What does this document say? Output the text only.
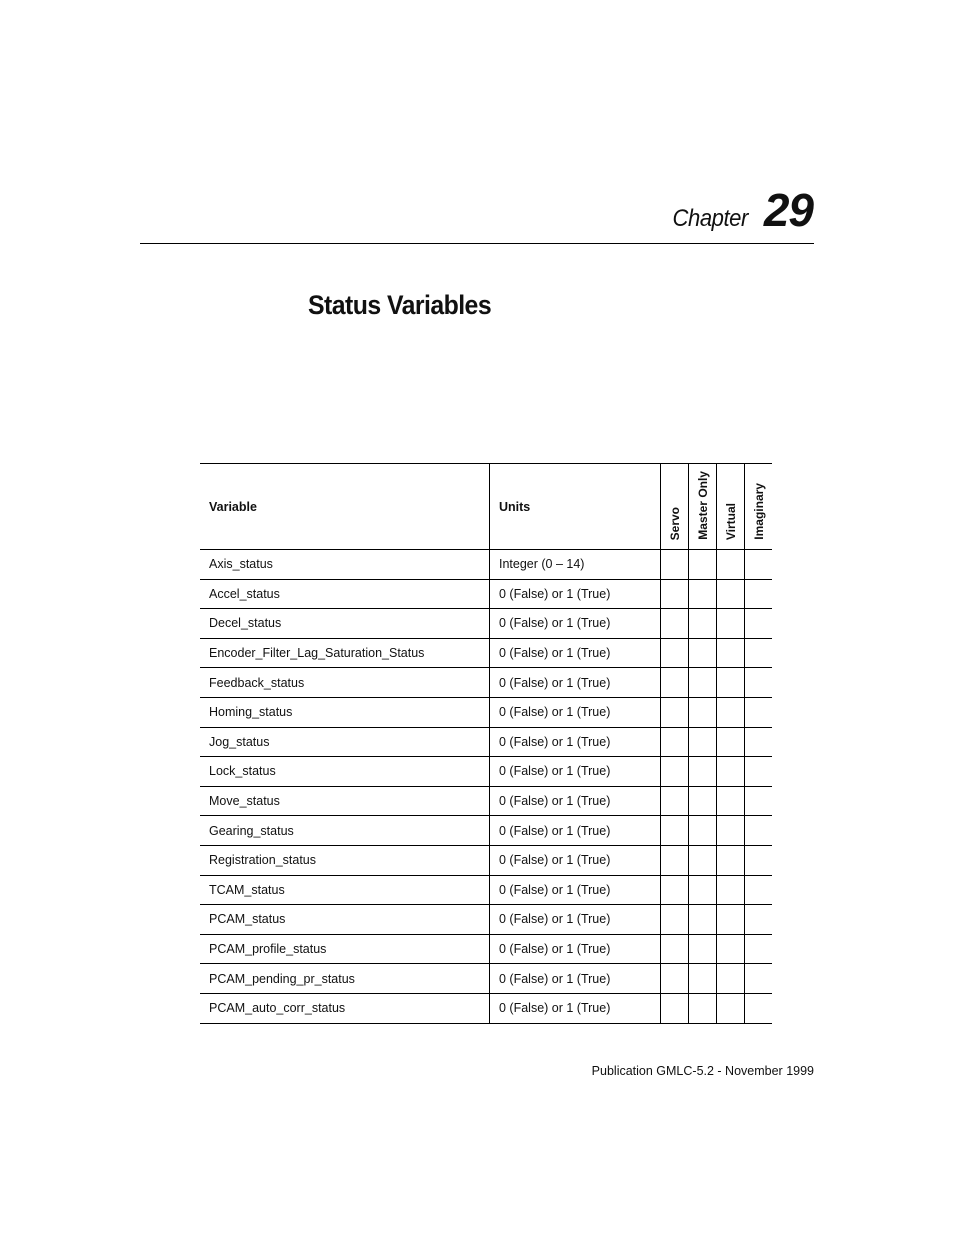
Chapter 29
Status Variables
Variable	Units	Servo	Master Only	Virtual	Imaginary

Axis_status	Integer (0 – 14)				
Accel_status	0 (False) or 1 (True)				
Decel_status	0 (False) or 1 (True)				
Encoder_Filter_Lag_Saturation_Status	0 (False) or 1 (True)				
Feedback_status	0 (False) or 1 (True)				
Homing_status	0 (False) or 1 (True)				
Jog_status	0 (False) or 1 (True)				
Lock_status	0 (False) or 1 (True)				
Move_status	0 (False) or 1 (True)				
Gearing_status	0 (False) or 1 (True)				
Registration_status	0 (False) or 1 (True)				
TCAM_status	0 (False) or 1 (True)				
PCAM_status	0 (False) or 1 (True)				
PCAM_profile_status	0 (False) or 1 (True)				
PCAM_pending_pr_status	0 (False) or 1 (True)				
PCAM_auto_corr_status	0 (False) or 1 (True)				
Publication GMLC-5.2 - November 1999
